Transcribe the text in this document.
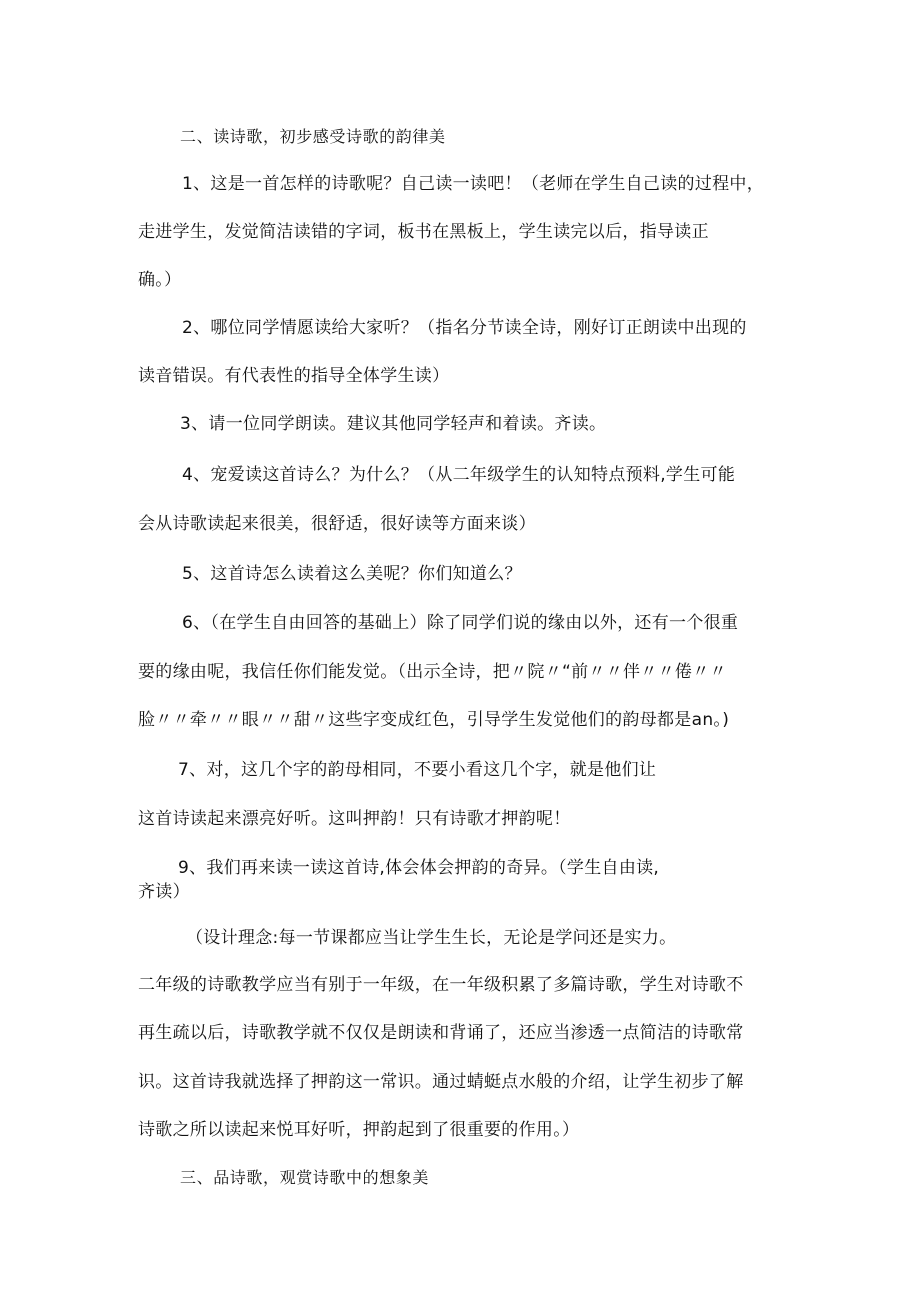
二、读诗歌，初步感受诗歌的韵律美
1、这是一首怎样的诗歌呢？自己读一读吧！（老师在学生自己读的过程中，
走进学生，发觉简洁读错的字词，板书在黑板上，学生读完以后，指导读正
确。）
2、哪位同学情愿读给大家听？（指名分节读全诗，刚好订正朗读中出现的
读音错误。有代表性的指导全体学生读）
3、请一位同学朗读。建议其他同学轻声和着读。齐读。
4、宠爱读这首诗么？为什么？（从二年级学生的认知特点预料,学生可能
会从诗歌读起来很美，很舒适，很好读等方面来谈）
5、这首诗怎么读着这么美呢？你们知道么？
6、（在学生自由回答的基础上）除了同学们说的缘由以外，还有一个很重
要的缘由呢，我信任你们能发觉。（出示全诗，把〃院〃“前〃〃伴〃〃倦〃〃
脸〃〃牵〃〃眼〃〃甜〃这些字变成红色，引导学生发觉他们的韵母都是an。)
7、对，这几个字的韵母相同，不要小看这几个字，就是他们让
这首诗读起来漂亮好听。这叫押韵！只有诗歌才押韵呢！
9、我们再来读一读这首诗,体会体会押韵的奇异。（学生自由读,
齐读）
（设计理念:每一节课都应当让学生生长，无论是学问还是实力。
二年级的诗歌教学应当有别于一年级，在一年级积累了多篇诗歌，学生对诗歌不
再生疏以后，诗歌教学就不仅仅是朗读和背诵了，还应当渗透一点简洁的诗歌常
识。这首诗我就选择了押韵这一常识。通过蜻蜓点水般的介绍，让学生初步了解
诗歌之所以读起来悦耳好听，押韵起到了很重要的作用。）
三、品诗歌，观赏诗歌中的想象美
